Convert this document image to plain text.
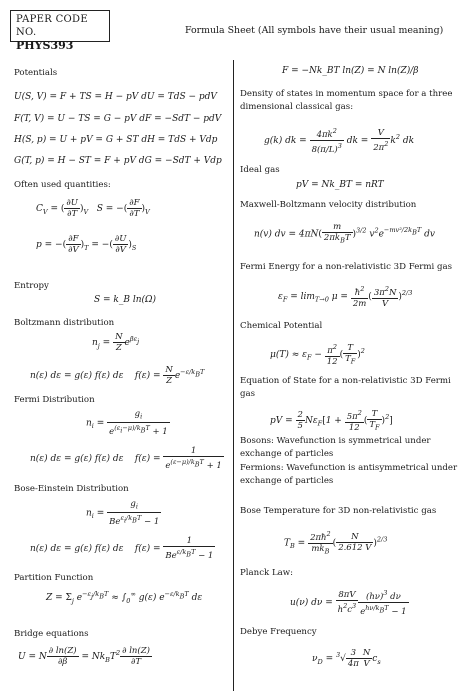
PAPER CODE NO.
PHYS393
Formula Sheet (All symbols have their usual meaning)
Potentials
U(S, V) = F + TS = H − pV dU = TdS − pdV
F(T, V) = U − TS = G − pV dF = −SdT − pdV
H(S, p) = U + pV = G + ST dH = TdS + Vdp
G(T, p) = H − ST = F + pV dG = −SdT + Vdp
Often used quantities:
$C_V$ = ( $\frac{\partial U}{\partial T} )_V$   S = −( $\frac{\partial F}{\partial T} )_V$
p = −( $\frac{\partial F}{\partial V} )_T$ = −( $\frac{\partial U}{\partial V} )_S$
Entropy
S = k_B ln(Ω)
Boltzmann distribution
$n_j = \frac{N}{Z} e^{\beta\varepsilon_j}$
n(ε) dε = g(ε) f(ε) dε    $f(\varepsilon) = \frac{N}{Z} e^{-\varepsilon/k_BT}$
Fermi Distribution
$n_i = \frac{g_i}{e^{(\varepsilon_i-\mu)/k_BT} + 1}$
n(ε) dε = g(ε) f(ε) dε    $f(\varepsilon) = \frac{1}{e^{(\varepsilon-\mu)/k_BT} + 1}$
Bose-Einstein Distribution
$n_i = \frac{g_i}{Be^{\varepsilon_i/k_BT} - 1}$
n(ε) dε = g(ε) f(ε) dε    $f(\varepsilon) = \frac{1}{Be^{\varepsilon/k_BT} - 1}$
Partition Function
$Z = \Sigma_j$ $e^{-\varepsilon_j/k_BT} \approx \int_0^\infty$ g(ε) $e^{-\varepsilon/k_BT}$ dε
Bridge equations
U = N $\frac{\partial \ln(Z)}{\partial\beta} = Nk_BT^2 \frac{\partial \ln(Z)}{\partial T}$
F = −Nk_BT ln(Z) = N ln(Z)/β
Density of states in momentum space for a three dimensional classical gas:
g(k) dk = $\frac{4\pi k^2}{8(\pi/L)^3}$ dk = $\frac{V}{2\pi^2} k^2$ dk
Ideal gas
pV = Nk_BT = nRT
Maxwell-Boltzmann velocity distribution
n(v) dv = $4\pi N( \frac{m}{2\pi k_BT} )^{3/2}$ $v^2e^{-mv^2/2k_BT}$ dv
Fermi Energy for a non-relativistic 3D Fermi gas
$\varepsilon_F = \lim_{T\to 0} \mu = \frac{ħ^2}{2m}$ ( $\frac{3\pi^2N}{V} )^{2/3}$
Chemical Potential
$\mu(T) \approx \varepsilon_F - \frac{\pi^2}{12}$ ( $\frac{T}{T_F} )^2$
Equation of State for a non-relativistic 3D Fermi gas
pV = $\frac{2}{5} N\varepsilon_F[1 + \frac{5\pi^2}{12}$ ( $\frac{T}{T_F} )^2$]
Bosons: Wavefunction is symmetrical under exchange of particles
Fermions: Wavefunction is antisymmetrical under exchange of particles
Bose Temperature for 3D non-relativistic gas
$T_B = \frac{2\pi ħ^2}{mk_B}$ ( $\frac{N}{2.612 V} )^{2/3}$
Planck Law:
u(ν) $d\nu = \frac{8\pi V}{h^2c^3} \frac{(h\nu)^3 d\nu}{e^{h\nu/k_BT} - 1}$
Debye Frequency
$\nu_D = ^3√ \frac{3}{4\pi} \frac{N}{V} c_s$
